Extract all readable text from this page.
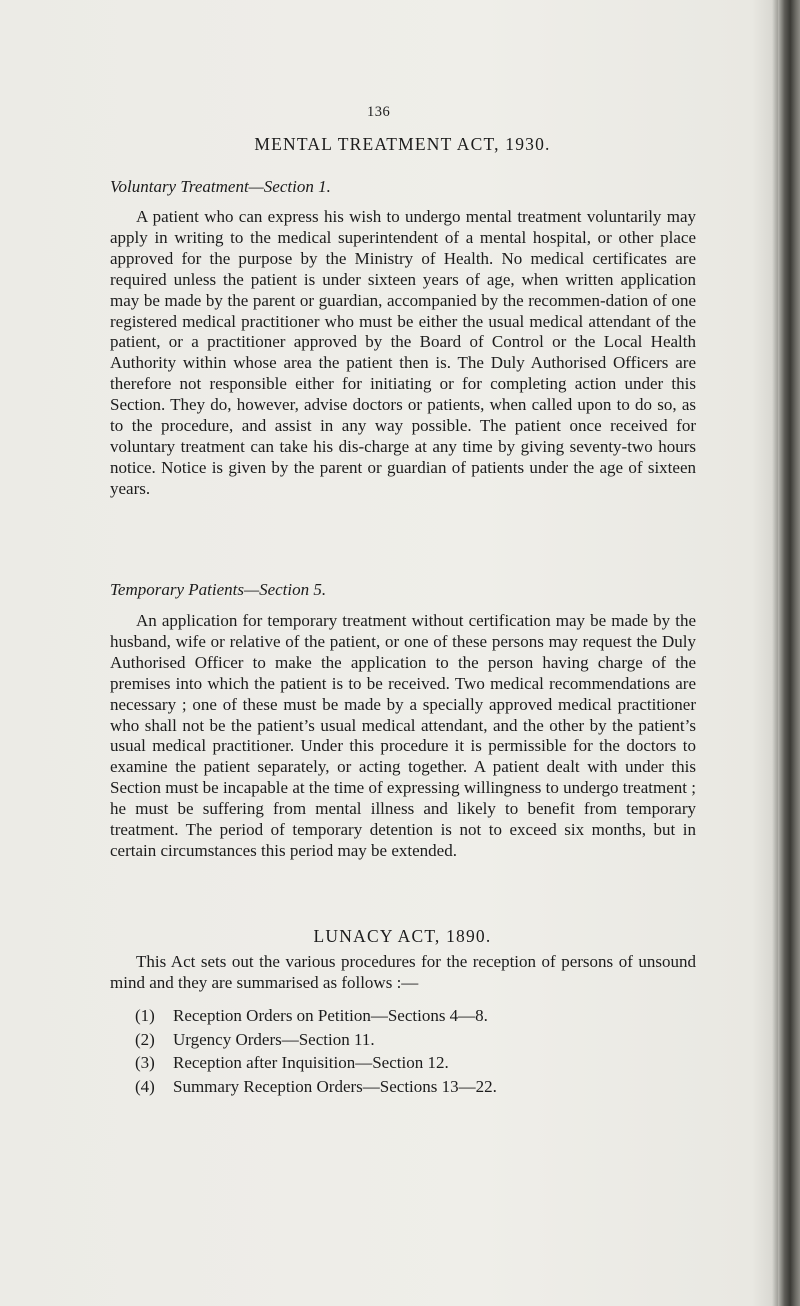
136
MENTAL TREATMENT ACT, 1930.
Voluntary Treatment—Section 1.

A patient who can express his wish to undergo mental treatment voluntarily may apply in writing to the medical superintendent of a mental hospital, or other place approved for the purpose by the Ministry of Health. No medical certificates are required unless the patient is under sixteen years of age, when written application may be made by the parent or guardian, accompanied by the recommen-dation of one registered medical practitioner who must be either the usual medical attendant of the patient, or a practitioner approved by the Board of Control or the Local Health Authority within whose area the patient then is. The Duly Authorised Officers are therefore not responsible either for initiating or for completing action under this Section. They do, however, advise doctors or patients, when called upon to do so, as to the procedure, and assist in any way possible. The patient once received for voluntary treatment can take his dis-charge at any time by giving seventy-two hours notice. Notice is given by the parent or guardian of patients under the age of sixteen years.

Temporary Patients—Section 5.

An application for temporary treatment without certification may be made by the husband, wife or relative of the patient, or one of these persons may request the Duly Authorised Officer to make the application to the person having charge of the premises into which the patient is to be received. Two medical recommendations are necessary ; one of these must be made by a specially approved medical practitioner who shall not be the patient’s usual medical attendant, and the other by the patient’s usual medical practitioner. Under this procedure it is permissible for the doctors to examine the patient separately, or acting together. A patient dealt with under this Section must be incapable at the time of expressing willingness to undergo treatment ; he must be suffering from mental illness and likely to benefit from temporary treatment. The period of temporary detention is not to exceed six months, but in certain circumstances this period may be extended.

LUNACY ACT, 1890.

This Act sets out the various procedures for the reception of persons of unsound mind and they are summarised as follows :—

(1)	Reception Orders on Petition—Sections 4—8.
(2)	Urgency Orders—Section 11.
(3)	Reception after Inquisition—Section 12.
(4)	Summary Reception Orders—Sections 13—22.
